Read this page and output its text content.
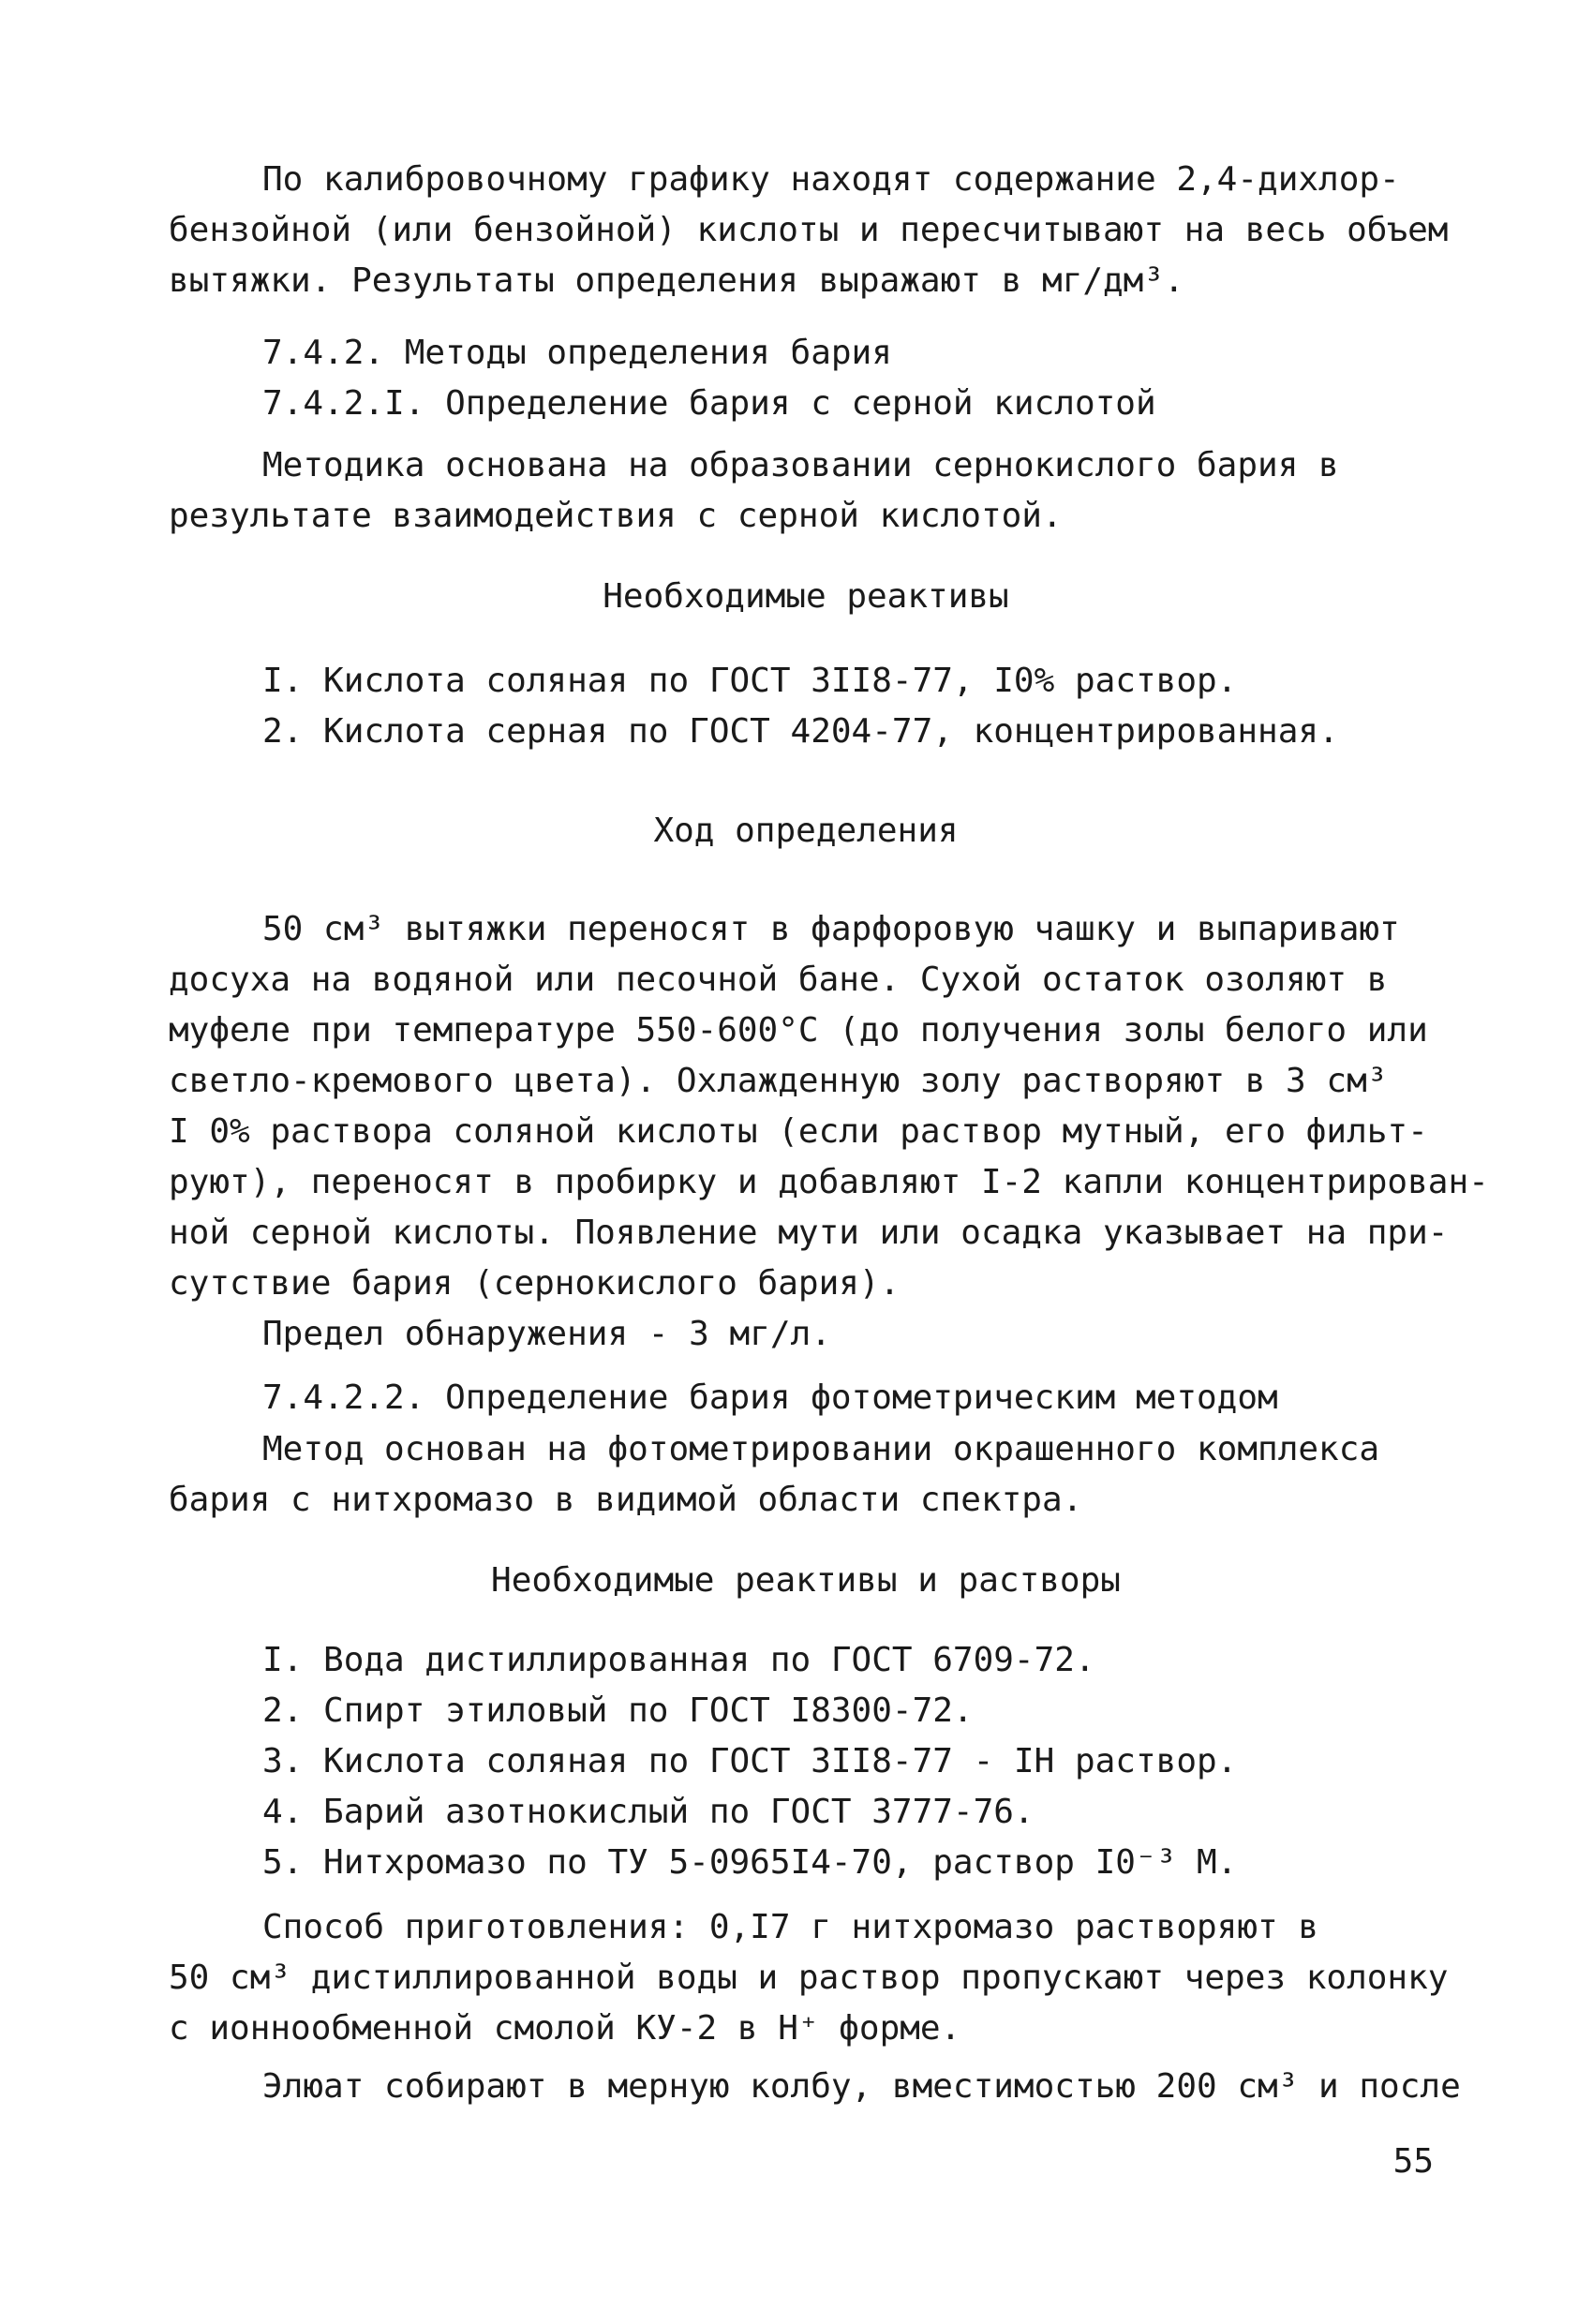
По калибровочному графику находят содержание 2,4-дихлор-

бензойной (или бензойной) кислоты и пересчитывают на весь объем

вытяжки. Результаты определения выражают в мг/дм³.

7.4.2. Методы определения бария

7.4.2.I. Определение бария с серной кислотой

Методика основана на образовании сернокислого бария в

результате взаимодействия с серной кислотой.

Необходимые реактивы

I. Кислота соляная по ГОСТ 3II8-77, I0% раствор.

2. Кислота серная по ГОСТ 4204-77, концентрированная.

Ход определения

50 см³ вытяжки переносят в фарфоровую чашку и выпаривают

досуха на водяной или песочной бане. Сухой остаток озоляют в

муфеле при температуре 550-600°С (до получения золы белого или

светло-кремового цвета). Охлажденную золу растворяют в 3 см³

I 0% раствора соляной кислоты (если раствор мутный, его фильт-

руют), переносят в пробирку и добавляют I-2 капли концентрирован-

ной серной кислоты. Появление мути или осадка указывает на при-

сутствие бария (сернокислого бария).

Предел обнаружения - 3 мг/л.

7.4.2.2. Определение бария фотометрическим методом

Метод основан на фотометрировании окрашенного комплекса

бария с нитхромазо в видимой области спектра.

Необходимые реактивы и растворы

I. Вода дистиллированная по ГОСТ 6709-72.

2. Спирт этиловый по ГОСТ I8300-72.

3. Кислота соляная по ГОСТ 3II8-77 - IН раствор.

4. Барий азотнокислый по ГОСТ 3777-76.

5. Нитхромазо по ТУ 5-0965I4-70, раствор I0⁻³ М.

Способ приготовления: 0,I7 г нитхромазо растворяют в

50 см³ дистиллированной воды и раствор пропускают через колонку

с ионнообменной смолой КУ-2 в Н⁺ форме.

Элюат собирают в мерную колбу, вместимостью 200 см³ и после

55
